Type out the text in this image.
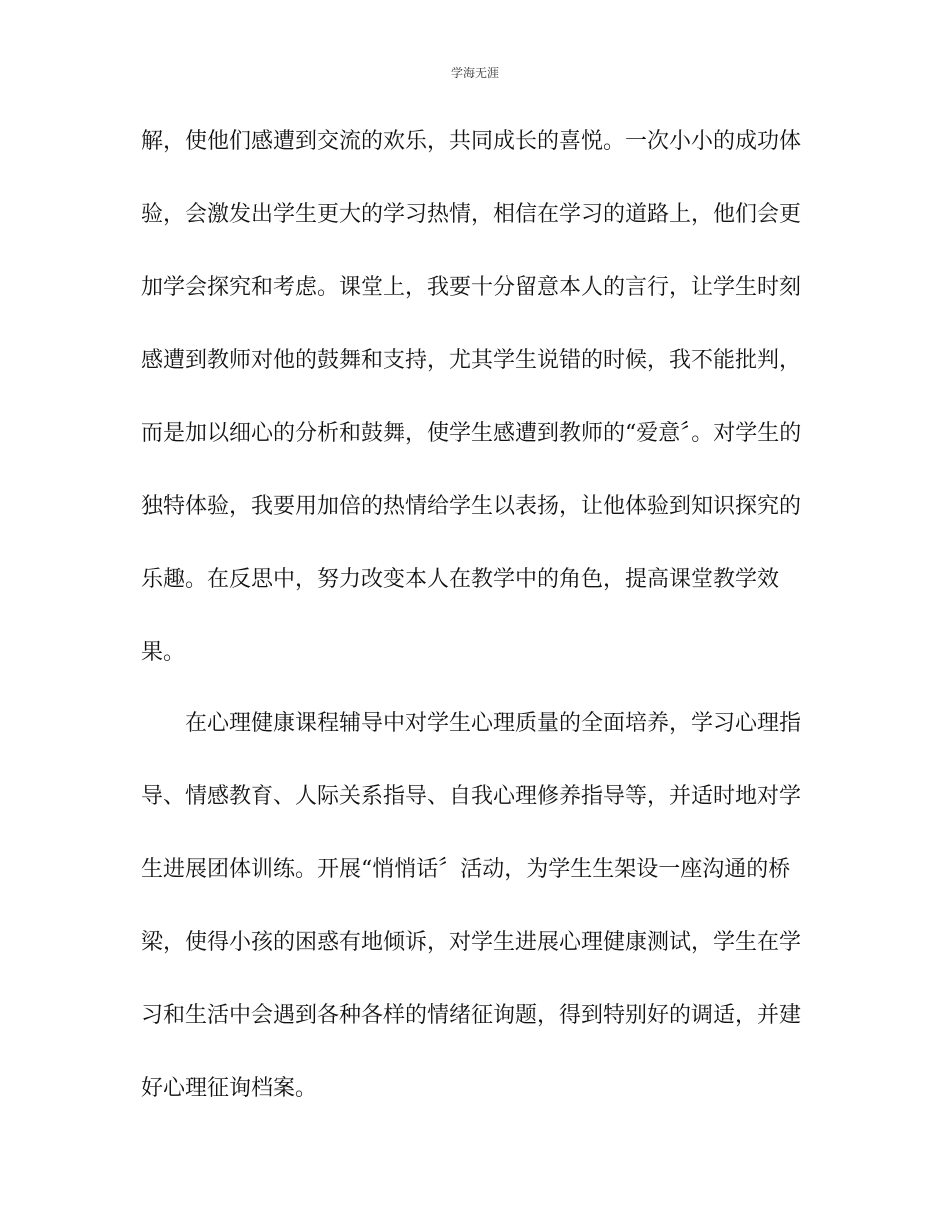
学海无涯
解，使他们感遭到交流的欢乐，共同成长的喜悦。一次小小的成功体
验，会激发出学生更大的学习热情，相信在学习的道路上，他们会更
加学会探究和考虑。课堂上，我要十分留意本人的言行，让学生时刻
感遭到教师对他的鼓舞和支持，尤其学生说错的时候，我不能批判，
而是加以细心的分析和鼓舞，使学生感遭到教师的“爱意〞。对学生的
独特体验，我要用加倍的热情给学生以表扬，让他体验到知识探究的
乐趣。在反思中，努力改变本人在教学中的角色，提高课堂教学效
果。
在心理健康课程辅导中对学生心理质量的全面培养，学习心理指
导、情感教育、人际关系指导、自我心理修养指导等，并适时地对学
生进展团体训练。开展“悄悄话〞活动，为学生生架设一座沟通的桥
梁，使得小孩的困惑有地倾诉，对学生进展心理健康测试，学生在学
习和生活中会遇到各种各样的情绪征询题，得到特别好的调适，并建
好心理征询档案。
